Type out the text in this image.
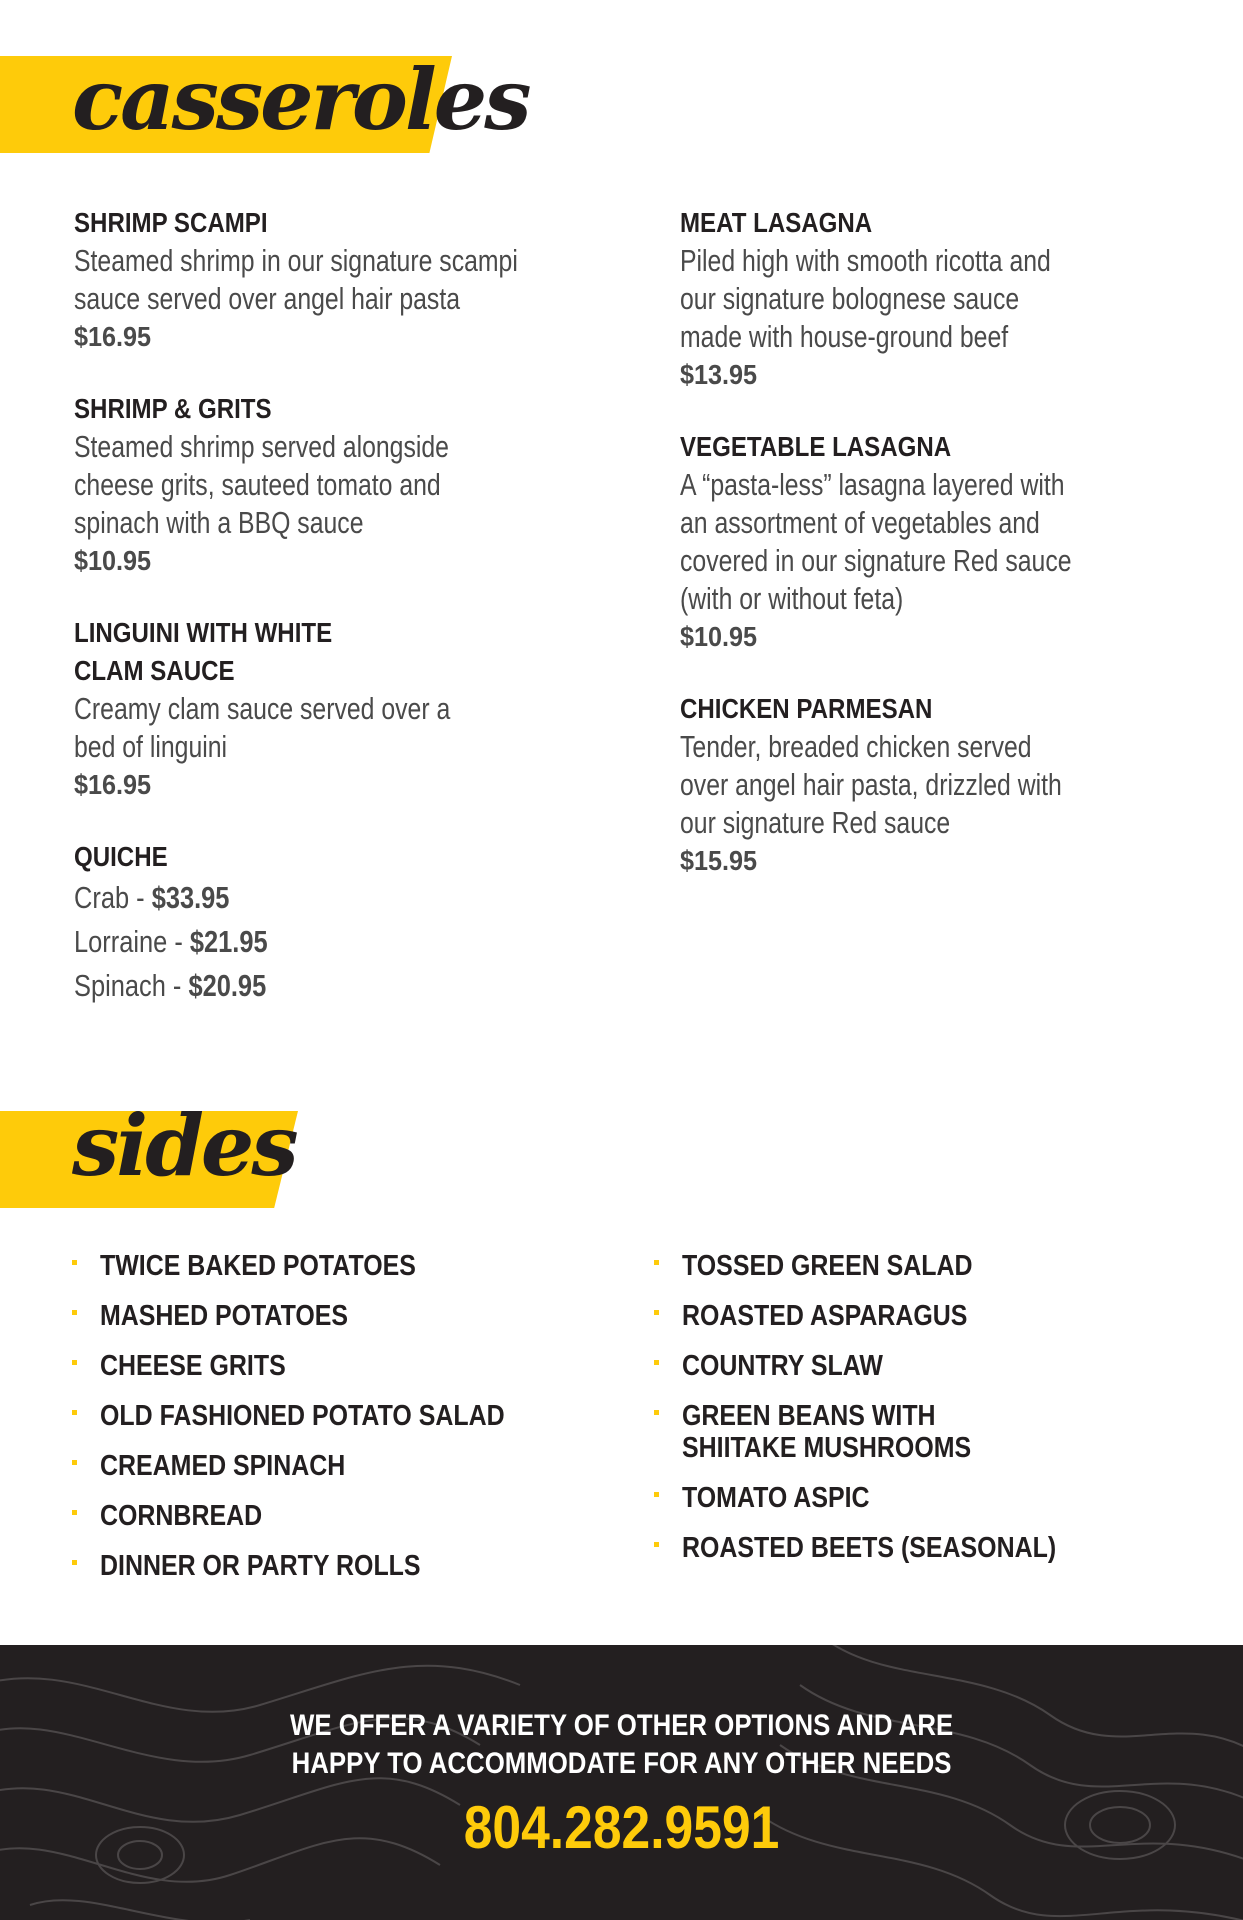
casseroles
SHRIMP SCAMPI
Steamed shrimp in our signature scampi
sauce served over angel hair pasta
$16.95
SHRIMP & GRITS
Steamed shrimp served alongside
cheese grits, sauteed tomato and
spinach with a BBQ sauce
$10.95
LINGUINI WITH WHITE
CLAM SAUCE
Creamy clam sauce served over a
bed of linguini
$16.95
QUICHE
Crab - $33.95
Lorraine - $21.95
Spinach - $20.95
MEAT LASAGNA
Piled high with smooth ricotta and
our signature bolognese sauce
made with house-ground beef
$13.95
VEGETABLE LASAGNA
A “pasta-less” lasagna layered with
an assortment of vegetables and
covered in our signature Red sauce
(with or without feta)
$10.95
CHICKEN PARMESAN
Tender, breaded chicken served
over angel hair pasta, drizzled with
our signature Red sauce
$15.95
sides
TWICE BAKED POTATOES
MASHED POTATOES
CHEESE GRITS
OLD FASHIONED POTATO SALAD
CREAMED SPINACH
CORNBREAD
DINNER OR PARTY ROLLS
TOSSED GREEN SALAD
ROASTED ASPARAGUS
COUNTRY SLAW
GREEN BEANS WITH
SHIITAKE MUSHROOMS
TOMATO ASPIC
ROASTED BEETS (SEASONAL)
WE OFFER A VARIETY OF OTHER OPTIONS AND ARE
HAPPY TO ACCOMMODATE FOR ANY OTHER NEEDS
804.282.9591
